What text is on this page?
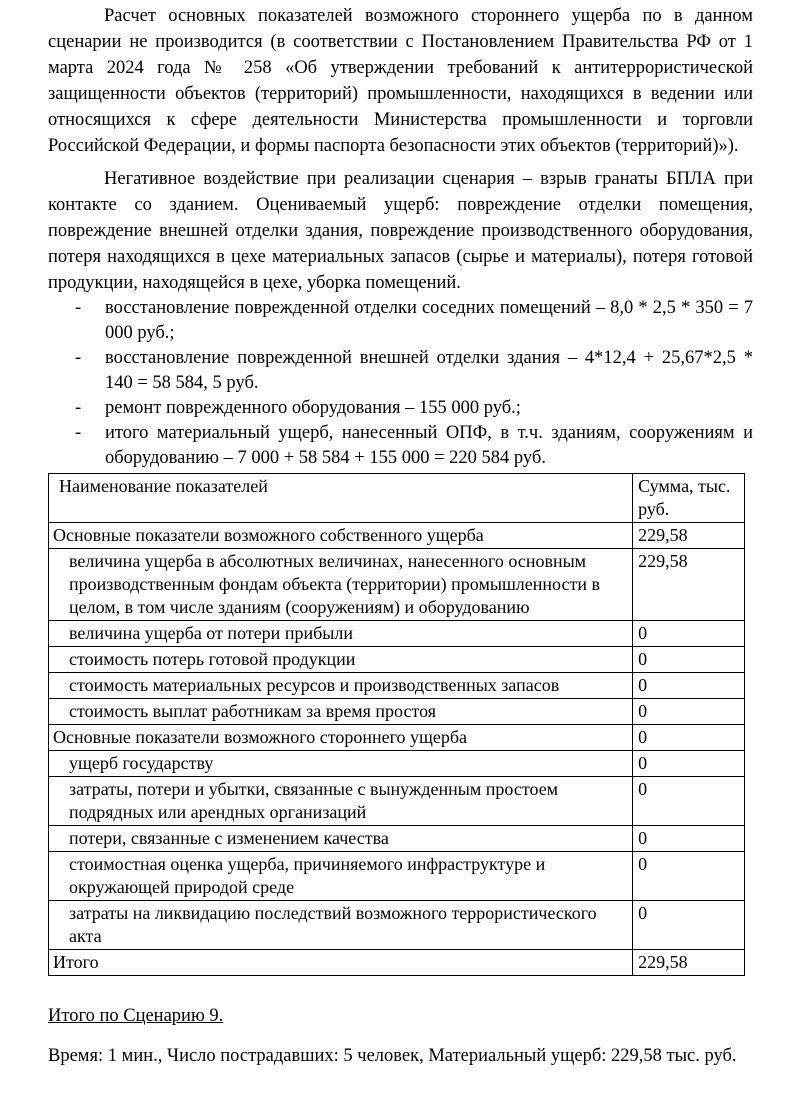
Расчет основных показателей возможного стороннего ущерба по в данном сценарии не производится (в соответствии с Постановлением Правительства РФ от 1 марта 2024 года № 258 «Об утверждении требований к антитеррористической защищенности объектов (территорий) промышленности, находящихся в ведении или относящихся к сфере деятельности Министерства промышленности и торговли Российской Федерации, и формы паспорта безопасности этих объектов (территорий)»).

Негативное воздействие при реализации сценария – взрыв гранаты БПЛА при контакте со зданием. Оцениваемый ущерб: повреждение отделки помещения, повреждение внешней отделки здания, повреждение производственного оборудования, потеря находящихся в цехе материальных запасов (сырье и материалы), потеря готовой продукции, находящейся в цехе, уборка помещений.

-	восстановление поврежденной отделки соседних помещений – 8,0 * 2,5 * 350 = 7 000 руб.;
-	восстановление поврежденной внешней отделки здания – 4*12,4 + 25,67*2,5 * 140 = 58 584, 5 руб.
-	ремонт поврежденного оборудования – 155 000 руб.;
-	итого материальный ущерб, нанесенный ОПФ, в т.ч. зданиям, сооружениям и оборудованию – 7 000 + 58 584 + 155 000 = 220 584 руб.
Наименование показателей	Сумма, тыс. руб.
Основные показатели возможного собственного ущерба	229,58
величина ущерба в абсолютных величинах, нанесенного основным производственным фондам объекта (территории) промышленности в целом, в том числе зданиям (сооружениям) и оборудованию	229,58
величина ущерба от потери прибыли	0
стоимость потерь готовой продукции	0
стоимость материальных ресурсов и производственных запасов	0
стоимость выплат работникам за время простоя	0
Основные показатели возможного стороннего ущерба	0
ущерб государству	0
затраты, потери и убытки, связанные с вынужденным простоем подрядных или арендных организаций	0
потери, связанные с изменением качества	0
стоимостная оценка ущерба, причиняемого инфраструктуре и окружающей природой среде	0
затраты на ликвидацию последствий возможного террористического акта	0
Итого	229,58

Итого по Сценарию 9.

Время: 1 мин., Число пострадавших: 5 человек, Материальный ущерб: 229,58 тыс. руб.
